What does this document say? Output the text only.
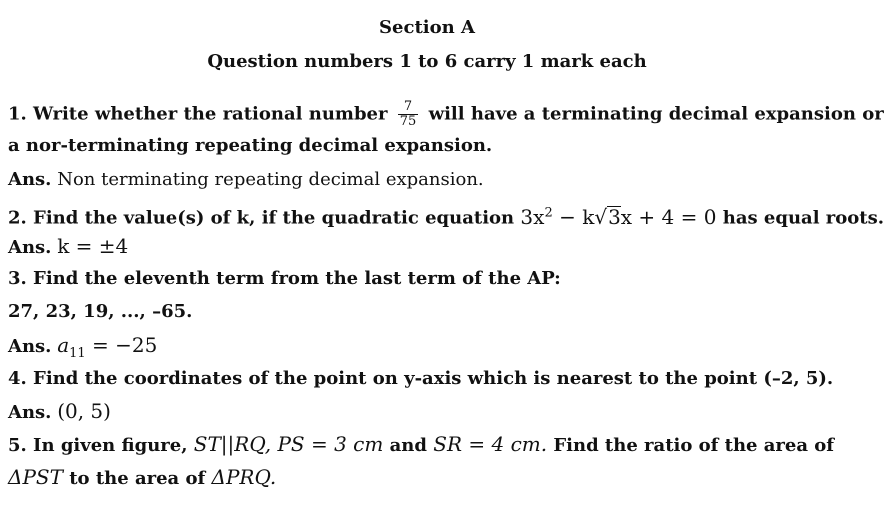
Section A
Question numbers 1 to 6 carry 1 mark each
1. Write whether the rational number $\frac{7}{75}$ will have a terminating decimal expansion or
a nor-terminating repeating decimal expansion.
Ans. Non terminating repeating decimal expansion.
2. Find the value(s) of k, if the quadratic equation $3x^2 - k√3x + 4 = 0$ has equal roots.
Ans. k = ±4
3. Find the eleventh term from the last term of the AP:
27, 23, 19, ..., –65.
Ans. $a_{11} = -25$
4. Find the coordinates of the point on y-axis which is nearest to the point (–2, 5).
Ans. (0, 5)
5. In given figure, ST||RQ, PS = 3 cm and SR = 4 cm. Find the ratio of the area of
ΔPST to the area of ΔPRQ.
